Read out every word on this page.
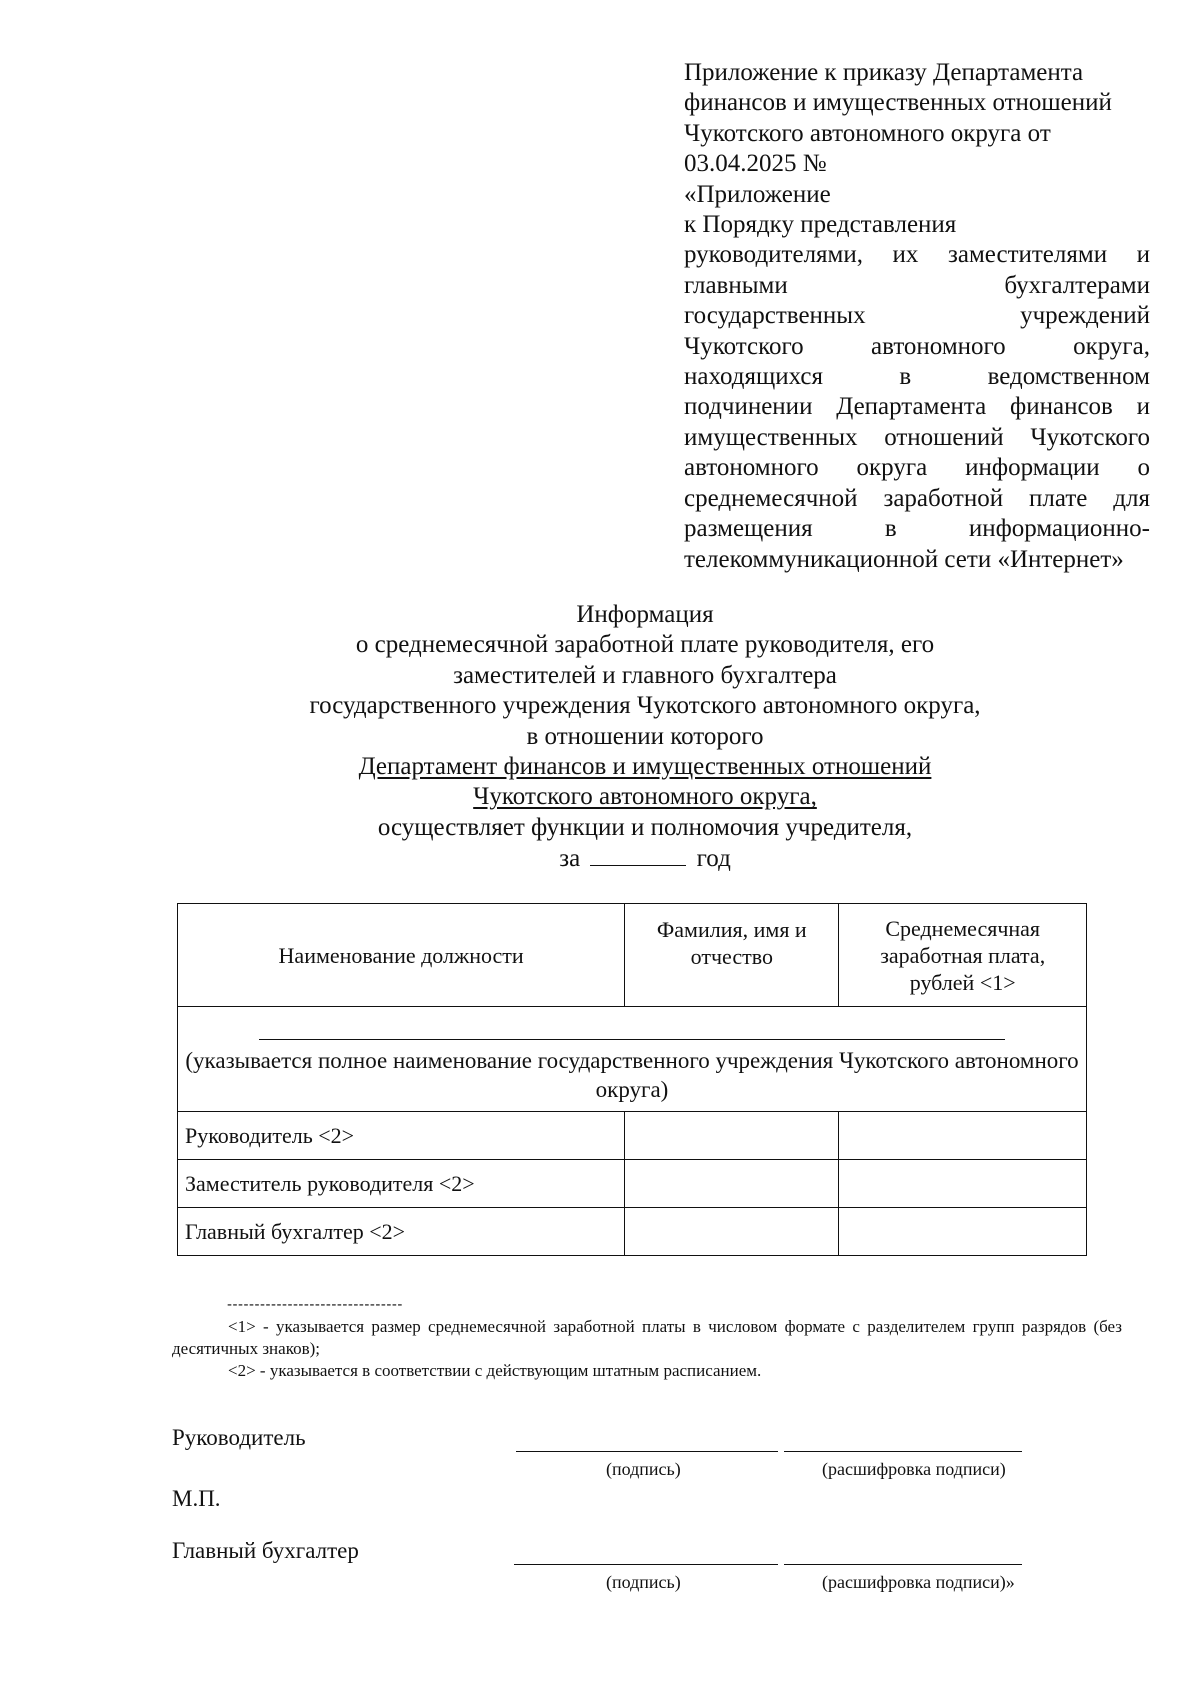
Приложение к приказу Департамента
финансов и имущественных отношений
Чукотского автономного округа от
03.04.2025 №
«Приложение
к Порядку представления
руководителями, их заместителями и
главными бухгалтерами
государственных учреждений
Чукотского автономного округа,
находящихся в ведомственном
подчинении Департамента финансов и
имущественных отношений Чукотского
автономного округа информации о
среднемесячной заработной плате для
размещения в информационно-
телекоммуникационной сети «Интернет»
Информация
о среднемесячной заработной плате руководителя, его
заместителей и главного бухгалтера
государственного учреждения Чукотского автономного округа,
в отношении которого
Департамент финансов и имущественных отношений
Чукотского автономного округа,
осуществляет функции и полномочия учредителя,
за	год
Наименование должности	Фамилия, имя и отчество	Среднемесячная заработная плата, рублей <1>

(указывается полное наименование государственного учреждения Чукотского автономного округа)		

Руководитель <2>		
Заместитель руководителя <2>		
Главный бухгалтер <2>		
--------------------------------
<1> - указывается размер среднемесячной заработной платы в числовом формате с разделителем групп разрядов (без десятичных знаков);
<2> - указывается в соответствии с действующим штатным расписанием.
Руководитель
(подпись)	(расшифровка подписи)
М.П.
Главный бухгалтер
(подпись)	(расшифровка подписи)»
